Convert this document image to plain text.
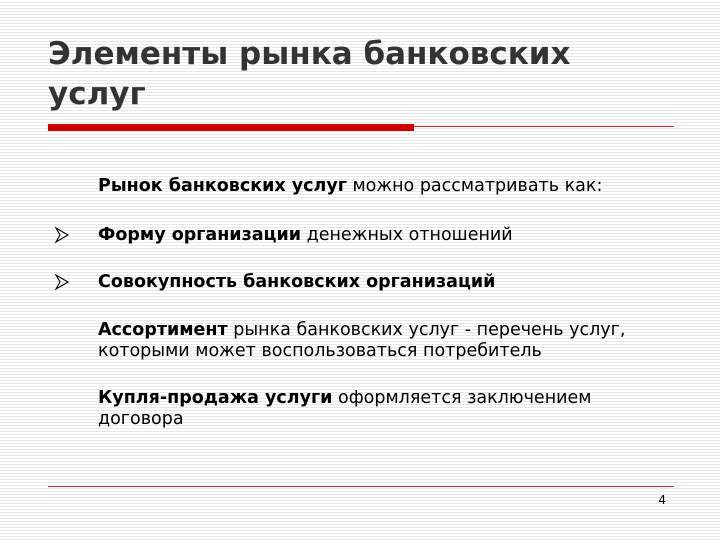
Элементы рынка банковских услуг
Рынок банковских услуг можно рассматривать как:
Форму организации денежных отношений
Совокупность банковских организаций
Ассортимент рынка банковских услуг - перечень услуг, которыми может воспользоваться потребитель
Купля-продажа услуги оформляется заключением договора
4
